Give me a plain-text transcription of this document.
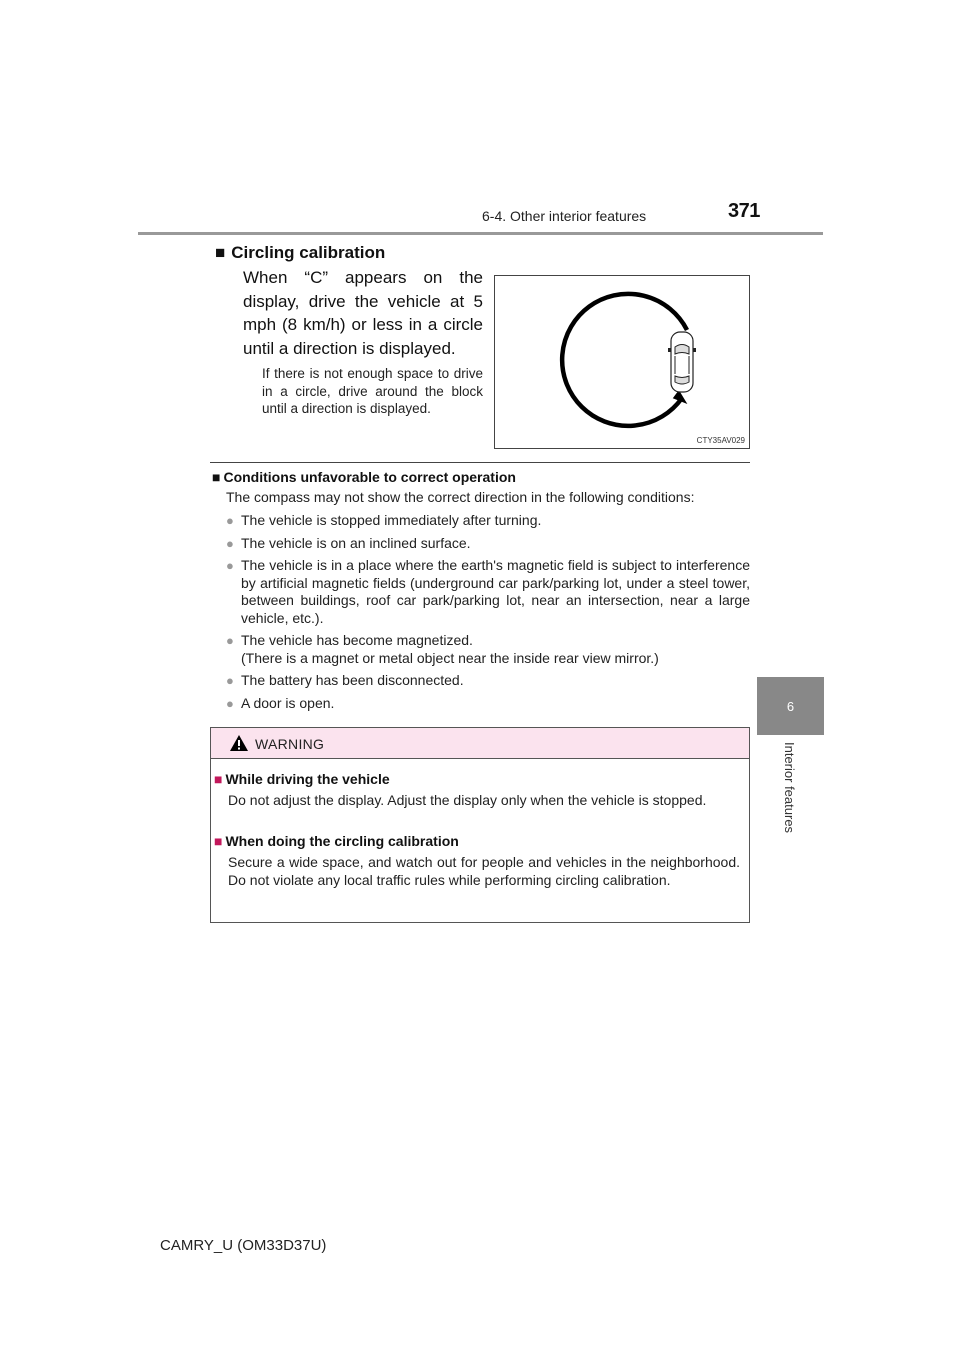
6-4. Other interior features	371
6
Interior features
■ Circling calibration

When “C” appears on the display, drive the vehicle at 5 mph (8 km/h) or less in a circle until a direction is displayed.

If there is not enough space to drive in a circle, drive around the block until a direction is displayed.

CTY35AV029
■ Conditions unfavorable to correct operation

The compass may not show the correct direction in the following conditions:

● The vehicle is stopped immediately after turning.
● The vehicle is on an inclined surface.
● The vehicle is in a place where the earth's magnetic field is subject to interference by artificial magnetic fields (underground car park/parking lot, under a steel tower, between buildings, roof car park/parking lot, near an intersection, near a large vehicle, etc.).
● The vehicle has become magnetized.
(There is a magnet or metal object near the inside rear view mirror.)
● The battery has been disconnected.
● A door is open.
WARNING
■ While driving the vehicle

Do not adjust the display. Adjust the display only when the vehicle is stopped.

■ When doing the circling calibration

Secure a wide space, and watch out for people and vehicles in the neighborhood. Do not violate any local traffic rules while performing circling calibration.

CAMRY_U (OM33D37U)
